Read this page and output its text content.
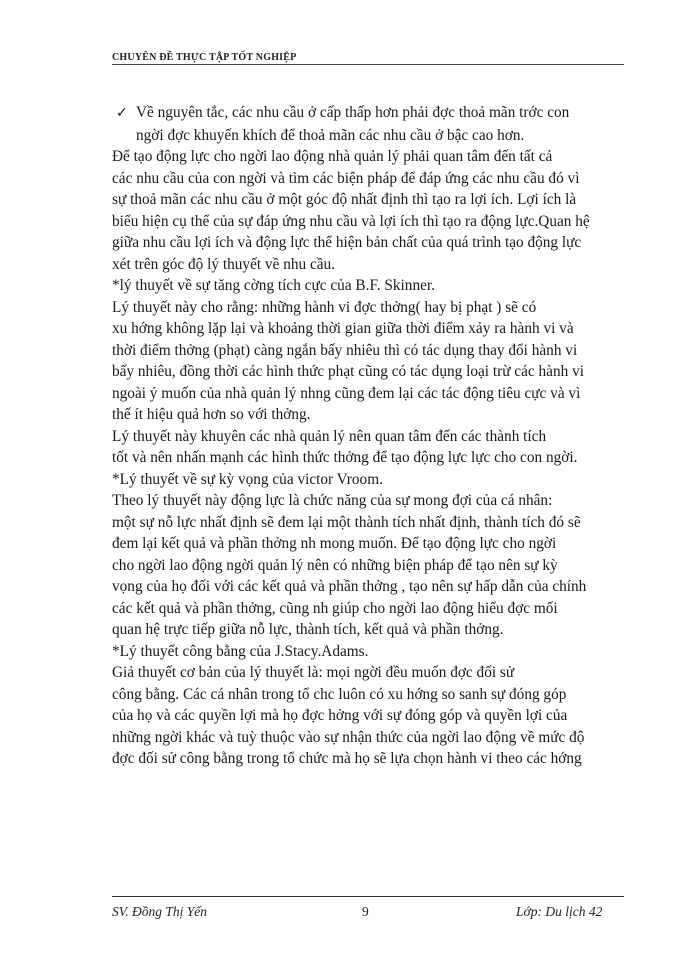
CHUYÊN ĐỀ THỰC TẬP TỐT NGHIỆP
✓ Về nguyên tắc, các nhu cầu ở cấp thấp hơn phải đợc thoả mãn trớc con
ngời đợc khuyến khích để thoả mãn các nhu cầu ở bậc cao hơn.
Để tạo động lực cho ngời lao động nhà quản lý phải quan tâm đến tất cả
các nhu cầu của con ngời và tìm các biện pháp để đáp ứng các nhu cầu đó vì
sự thoả mãn các nhu cầu ở một góc độ nhất định thì tạo ra lợi ích. Lợi ích là
biểu hiện cụ thể của sự đáp ứng nhu cầu và lợi ích thì tạo ra động lực.Quan hệ
giữa nhu cầu lợi ích và động lực thể hiện bản chất của quá trình tạo động lực
xét trên góc độ lý thuyết về nhu cầu.
*lý thuyết về sự tăng cờng tích cực của B.F. Skinner.
Lý thuyết này cho rằng: những hành vi đợc thởng( hay bị phạt ) sẽ có
xu hớng không lặp lại và khoảng thời gian giữa thời điểm xảy ra hành vi và
thời điểm thởng (phạt) càng ngắn bấy nhiêu thì có tác dụng thay đổi hành vi
bấy nhiêu, đồng thời các hình thức phạt cũng có tác dụng loại trừ các hành vi
ngoài ý muốn của nhà quản lý nhng cũng đem lại các tác động tiêu cực và vì
thế ít hiệu quả hơn so với thởng.
Lý thuyết này khuyên các nhà quản lý nên quan tâm đến các thành tích
tốt và nên nhấn mạnh các hình thức thởng để tạo động lực lực cho con ngời.
*Lý thuyết về sự kỳ vọng của victor Vroom.
Theo lý thuyết này động lực là chức năng của sự mong đợi của cá nhân:
một sự nỗ lực nhất định sẽ đem lại một thành tích nhất định, thành tích đó sẽ
đem lại kết quả và phần thởng nh mong muốn. Để tạo động lực cho ngời
cho ngời lao động ngời quản lý nên có những biện pháp để tạo nên sự kỳ
vọng của họ đối với các kết quả và phần thởng , tạo nên sự hấp dẫn của chính
các kết quả và phần thởng, cũng nh giúp cho ngời lao động hiểu đợc mối
quan hệ trực tiếp giữa nỗ lực, thành tích, kết quả và phần thởng.
*Lý thuyết công bằng của J.Stacy.Adams.
Giả thuyết cơ bản của lý thuyết là: mọi ngời đều muốn đợc đối sử
công bằng. Các cá nhân trong tổ chc luôn có xu hớng so sanh sự đóng góp
của họ và các quyền lợi mà họ đợc hởng với sự đóng góp và quyền lợi của
những ngời khác và tuỳ thuộc vào sự nhận thức của ngời lao động về mức độ
đợc đối sử công bằng trong tổ chức mà họ sẽ lựa chọn hành vi theo các hớng
SV. Đồng Thị Yến	9	Lớp: Du lịch 42
